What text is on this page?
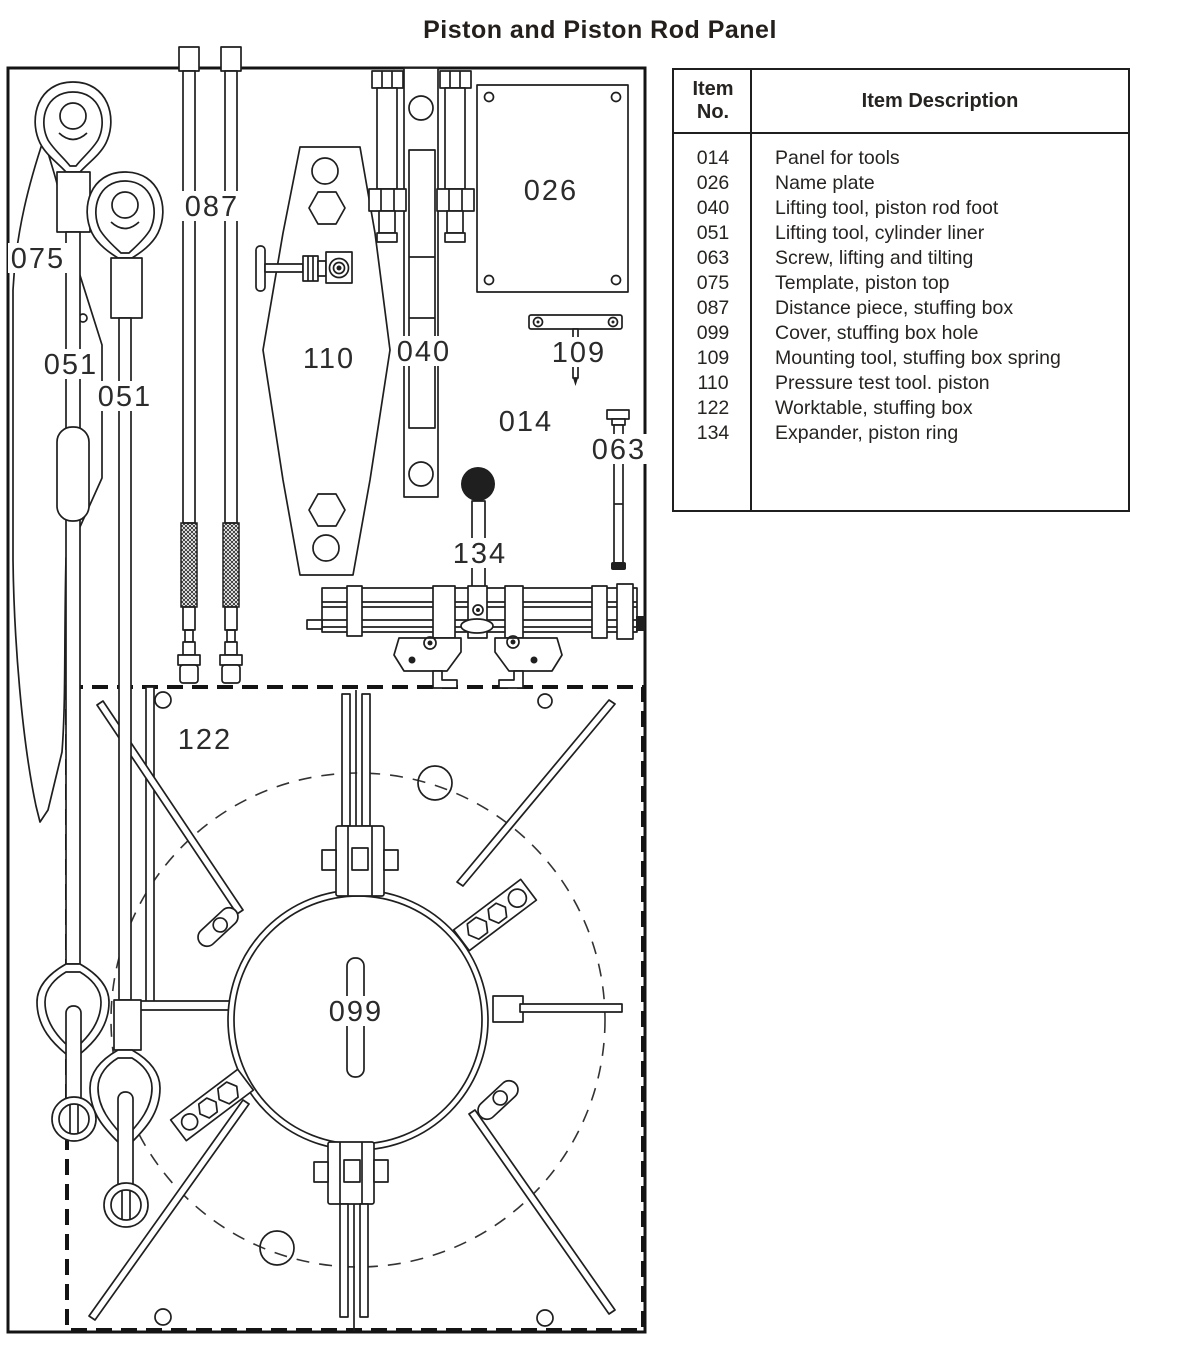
Piston and Piston Rod Panel
075
051
051
087
110 040
026
109
014
063
134
122
099
Item
No.
Item Description
014	Panel for tools
026	Name plate
040	Lifting tool, piston rod foot
051	Lifting tool, cylinder liner
063	Screw, lifting and tilting
075	Template, piston top
087	Distance piece, stuffing box
099	Cover, stuffing box hole
109	Mounting tool, stuffing box spring
110	Pressure test tool. piston
122	Worktable, stuffing box
134	Expander, piston ring
